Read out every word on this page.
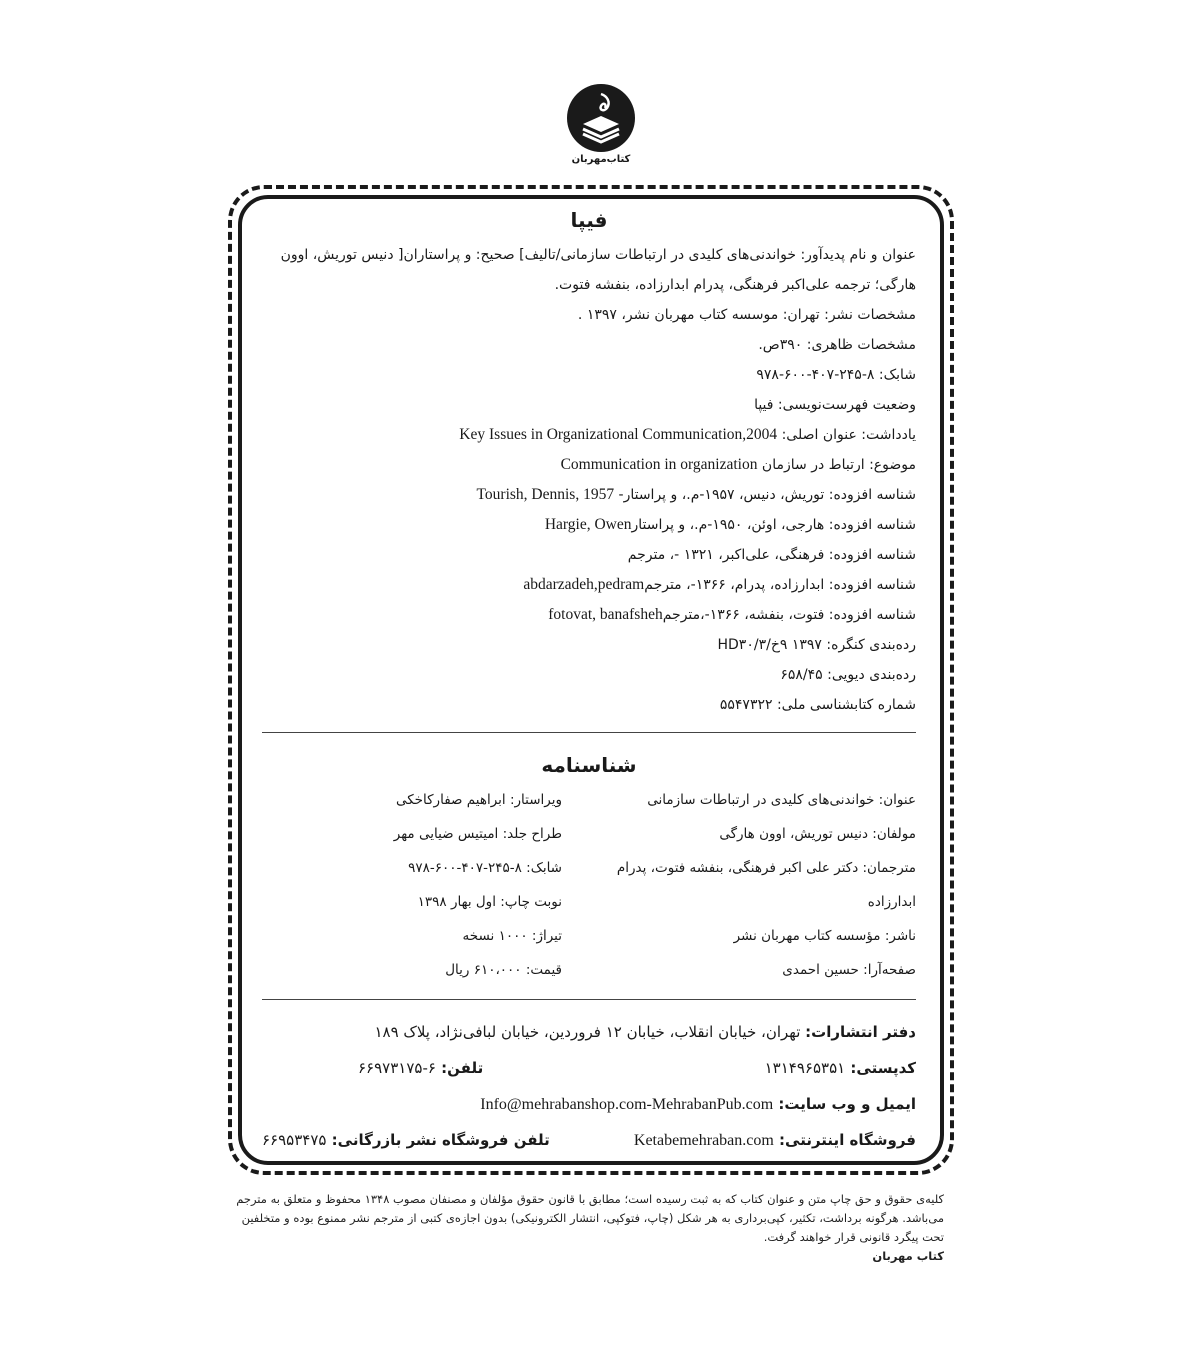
کتاب‌مهربان
فیپا
عنوان و نام پدیدآور: خواندنی‌های کلیدی در ارتباطات سازمانی/تالیف] صحیح: و پراستاران[ دنیس توریش، اوون هارگی؛ ترجمه علی‌اکبر فرهنگی، پدرام ابدارزاده، بنفشه فتوت.
مشخصات نشر: تهران: موسسه کتاب مهربان نشر، ۱۳۹۷ .
مشخصات ظاهری: ۳۹۰ص.
شابک: ۸-۲۴۵-۴۰۷-۶۰۰-۹۷۸
وضعیت فهرست‌نویسی: فیپا
یادداشت: عنوان اصلی: Key Issues in Organizational Communication,2004
موضوع: ارتباط در سازمان Communication in organization
شناسه افزوده: توریش، دنیس، ۱۹۵۷-م.، و پراستار- Tourish, Dennis, 1957
شناسه افزوده: هارجی، اوئن، ۱۹۵۰-م.، و پراستارHargie, Owen
شناسه افزوده: فرهنگی، علی‌اکبر، ۱۳۲۱ -، مترجم
شناسه افزوده: ابدارزاده، پدرام، ۱۳۶۶-، مترجمabdarzadeh,pedram
شناسه افزوده: فتوت، بنفشه، ۱۳۶۶-،مترجمfotovat, banafsheh
رده‌بندی کنگره: ۱۳۹۷ ۹خ/۳/HD۳۰
رده‌بندی دیویی: ۶۵۸/۴۵
شماره کتابشناسی ملی: ۵۵۴۷۳۲۲
شناسنامه
عنوان: خواندنی‌های کلیدی در ارتباطات سازمانی
مولفان: دنیس توریش، اوون هارگی
مترجمان: دکتر علی اکبر فرهنگی، بنفشه فتوت، پدرام
ابدارزاده
ناشر: مؤسسه کتاب مهربان نشر
صفحه‌آرا: حسین احمدی
ویراستار: ابراهیم صفارکاخکی
طراح جلد: امیتیس ضیایی مهر
شابک: ۸-۲۴۵-۴۰۷-۶۰۰-۹۷۸
نوبت چاپ: اول بهار ۱۳۹۸
تیراژ: ۱۰۰۰ نسخه
قیمت: ۶۱۰،۰۰۰ ریال
دفتر انتشارات: تهران، خیابان انقلاب، خیابان ۱۲ فروردین، خیابان لبافی‌نژاد، پلاک ۱۸۹
کدپستی: ۱۳۱۴۹۶۵۳۵۱
تلفن: ۶-۶۶۹۷۳۱۷۵
ایمیل و وب سایت: Info@mehrabanshop.com-MehrabanPub.com
فروشگاه اینترنتی: Ketabemehraban.com
تلفن فروشگاه نشر بازرگانی: ۶۶۹۵۳۴۷۵
کلیه‌ی حقوق و حق چاپ متن و عنوان کتاب که به ثبت رسیده است؛ مطابق با قانون حقوق مؤلفان و مصنفان مصوب ۱۳۴۸ محفوظ و متعلق به مترجم می‌باشد. هرگونه برداشت، تکثیر، کپی‌برداری به هر شکل (چاپ، فتوکپی، انتشار الکترونیکی) بدون اجازه‌ی کتبی از مترجم نشر ممنوع بوده و متخلفین تحت پیگرد قانونی قرار خواهند گرفت.
کتاب مهربان
